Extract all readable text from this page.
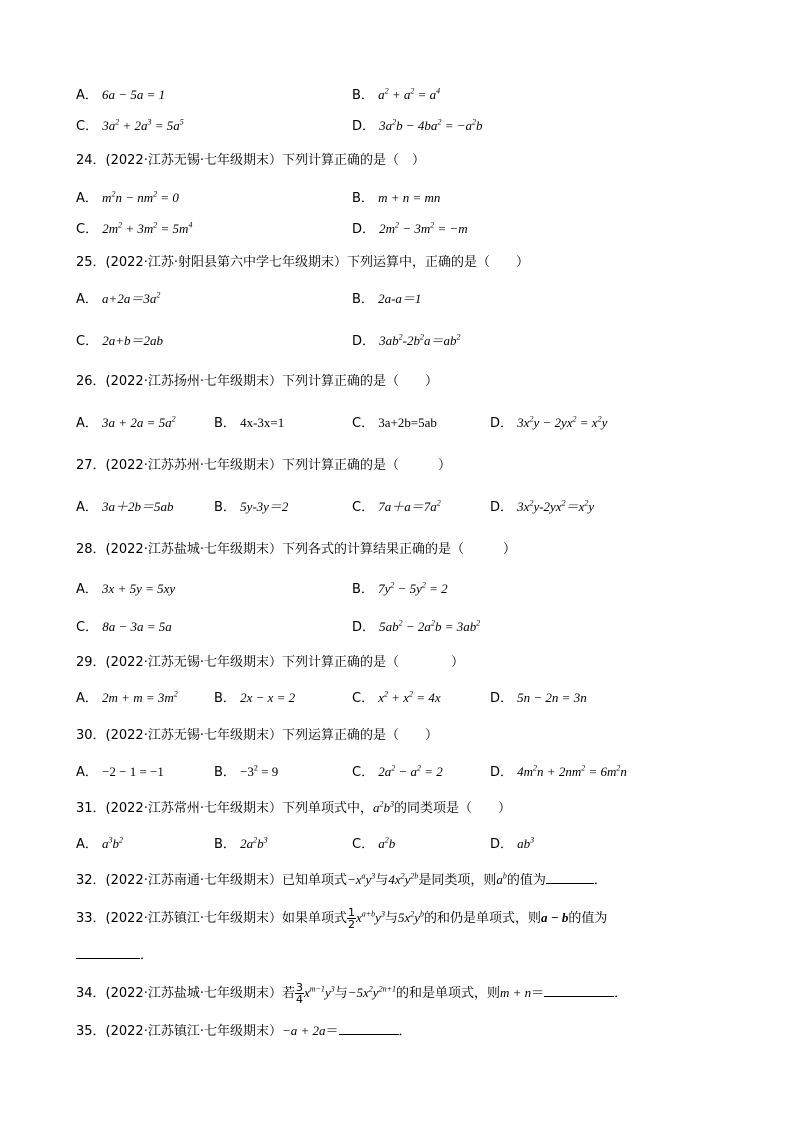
A． 6a − 5a = 1	B． $a^2 + a^2 = a^4$
C． $3a^2 + 2a^3 = 5a^5$	D． $3a^2b - 4ba^2 = -a^2b$
24．(2022·江苏无锡·七年级期末）下列计算正确的是（　）
A． $m^2n - nm^2 = 0$	B． m + n = mn
C． $2m^2 + 3m^2 = 5m^4$	D． $2m^2 - 3m^2 = -m$
25．(2022·江苏·射阳县第六中学七年级期末）下列运算中，正确的是（　　）
A． $a+2a=3a^2$	B． 2a-a＝1
C． 2a+b＝2ab	D． $3ab^2-2b^2a=ab^2$
26．(2022·江苏扬州·七年级期末）下列计算正确的是（　　）
A． $3a + 2a = 5a^2$	B． 4x-3x=1	C． 3a+2b=5ab	D． $3x^2y - 2yx^2 = x^2y$
27．(2022·江苏苏州·七年级期末）下列计算正确的是（　　　）
A． 3a＋2b＝5ab	B． 5y-3y＝2	C． $7a+a=7a^2$	D． $3x^2y-2yx^2=x^2y$
28．(2022·江苏盐城·七年级期末）下列各式的计算结果正确的是（　　　）
A． 3x + 5y = 5xy	B． $7y^2 - 5y^2 = 2$
C． 8a − 3a = 5a	D． $5ab^2 - 2a^2b = 3ab^2$
29．(2022·江苏无锡·七年级期末）下列计算正确的是（　　　　）
A． $2m + m = 3m^2$	B． 2x − x = 2	C． $x^2 + x^2 = 4x$	D． 5n − 2n = 3n
30．(2022·江苏无锡·七年级期末）下列运算正确的是（　　）
A． −2 − 1 = −1	B． $-3^2 = 9$	C． $2a^2 - a^2 = 2$	D． $4m^2n + 2nm^2 = 6m^2n$
31．(2022·江苏常州·七年级期末）下列单项式中，$a^2b^3$的同类项是（　　）
A． $a^3b^2$	B． $2a^2b^3$	C． $a^2b$	D． $ab^3$
32．(2022·江苏南通·七年级期末）已知单项式$-x^ay^3$与$4x^2y^{2b}$是同类项，则$a^b$的值为	．
33．(2022·江苏镇江·七年级期末）如果单项式 $\frac{1}{2} x^{a+b}y^3$与$5x^2y^b$的和仍是单项式，则a − b的值为
．
34．(2022·江苏盐城·七年级期末）若 $\frac{3}{4} x^{m-1}y^3$与$-5x^2y^{2n+1}$的和是单项式，则m + n＝	．
35．(2022·江苏镇江·七年级期末）−a + 2a＝	．
